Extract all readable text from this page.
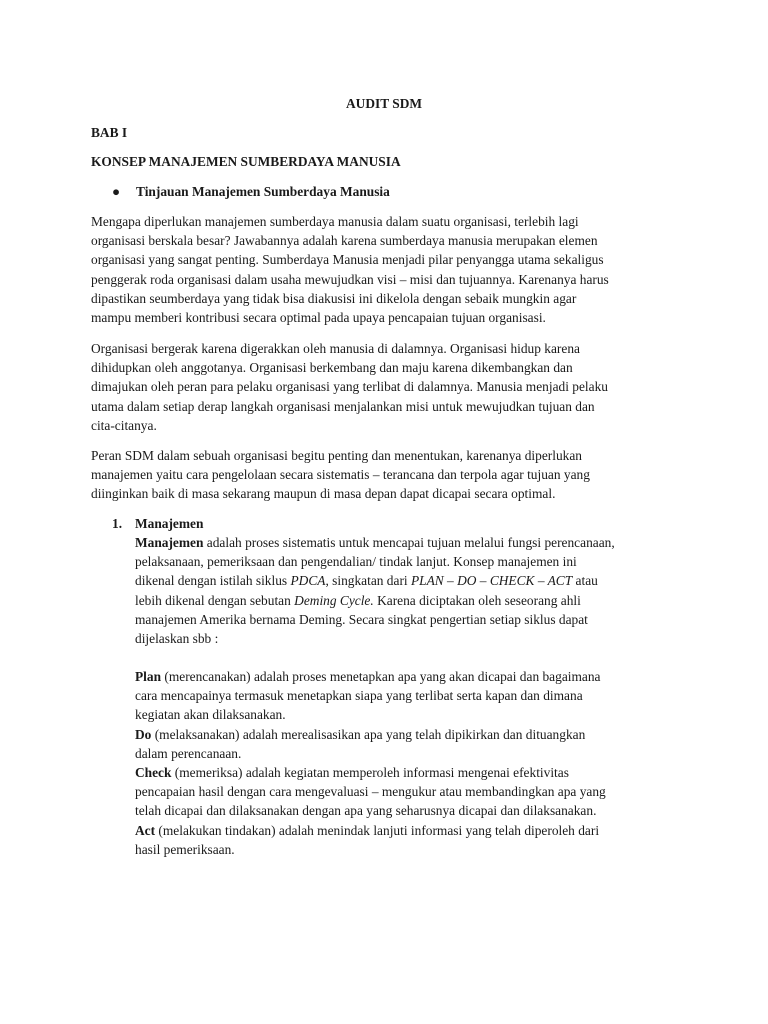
AUDIT SDM
BAB I
KONSEP MANAJEMEN SUMBERDAYA MANUSIA
●	Tinjauan Manajemen Sumberdaya Manusia
Mengapa diperlukan manajemen sumberdaya manusia dalam suatu organisasi, terlebih lagi
organisasi berskala besar? Jawabannya adalah karena sumberdaya manusia merupakan elemen
organisasi yang sangat penting. Sumberdaya Manusia menjadi pilar penyangga utama sekaligus
penggerak roda organisasi dalam usaha mewujudkan visi – misi dan tujuannya. Karenanya harus
dipastikan seumberdaya yang tidak bisa diakusisi ini dikelola dengan sebaik mungkin agar
mampu memberi kontribusi secara optimal pada upaya pencapaian tujuan organisasi.
Organisasi bergerak karena digerakkan oleh manusia di dalamnya. Organisasi hidup karena
dihidupkan oleh anggotanya. Organisasi berkembang dan maju karena dikembangkan dan
dimajukan oleh peran para pelaku organisasi yang terlibat di dalamnya. Manusia menjadi pelaku
utama dalam setiap derap langkah organisasi menjalankan misi untuk mewujudkan tujuan dan
cita-citanya.
Peran SDM dalam sebuah organisasi begitu penting dan menentukan, karenanya diperlukan
manajemen yaitu cara pengelolaan secara sistematis – terancana dan terpola agar tujuan yang
diinginkan baik di masa sekarang maupun di masa depan dapat dicapai secara optimal.
1. Manajemen
Manajemen adalah proses sistematis untuk mencapai tujuan melalui fungsi perencanaan,
pelaksanaan, pemeriksaan dan pengendalian/ tindak lanjut. Konsep manajemen ini
dikenal dengan istilah siklus PDCA, singkatan dari PLAN – DO – CHECK – ACT atau
lebih dikenal dengan sebutan Deming Cycle. Karena diciptakan oleh seseorang ahli
manajemen Amerika bernama Deming. Secara singkat pengertian setiap siklus dapat
dijelaskan sbb :
Plan (merencanakan) adalah proses menetapkan apa yang akan dicapai dan bagaimana
cara mencapainya termasuk menetapkan siapa yang terlibat serta kapan dan dimana
kegiatan akan dilaksanakan.
Do (melaksanakan) adalah merealisasikan apa yang telah dipikirkan dan dituangkan
dalam perencanaan.
Check (memeriksa) adalah kegiatan memperoleh informasi mengenai efektivitas
pencapaian hasil dengan cara mengevaluasi – mengukur atau membandingkan apa yang
telah dicapai dan dilaksanakan dengan apa yang seharusnya dicapai dan dilaksanakan.
Act (melakukan tindakan) adalah menindak lanjuti informasi yang telah diperoleh dari
hasil pemeriksaan.
